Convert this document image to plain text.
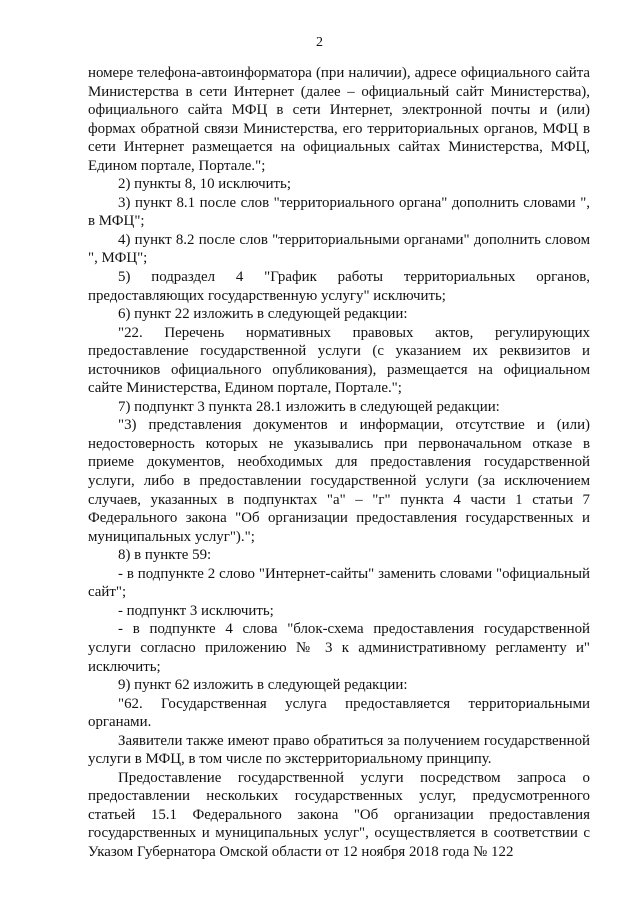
2

номере телефона-автоинформатора (при наличии), адресе официального сайта Министерства в сети Интернет (далее – официальный сайт Министерства), официального сайта МФЦ в сети Интернет, электронной почты и (или) формах обратной связи Министерства, его территориальных органов, МФЦ в сети Интернет размещается на официальных сайтах Министерства, МФЦ, Едином портале, Портале.";

2) пункты 8, 10 исключить;

3) пункт 8.1 после слов "территориального органа" дополнить словами ", в МФЦ";

4) пункт 8.2 после слов "территориальными органами" дополнить словом ", МФЦ";

5) подраздел 4 "График работы территориальных органов, предоставляющих государственную услугу" исключить;

6) пункт 22 изложить в следующей редакции:

"22. Перечень нормативных правовых актов, регулирующих предоставление государственной услуги (с указанием их реквизитов и источников официального опубликования), размещается на официальном сайте Министерства, Едином портале, Портале.";

7) подпункт 3 пункта 28.1 изложить в следующей редакции:

"3) представления документов и информации, отсутствие и (или) недостоверность которых не указывались при первоначальном отказе в приеме документов, необходимых для предоставления государственной услуги, либо в предоставлении государственной услуги (за исключением случаев, указанных в подпунктах "а" – "г" пункта 4 части 1 статьи 7 Федерального закона "Об организации предоставления государственных и муниципальных услуг").";

8) в пункте 59:

- в подпункте 2 слово "Интернет-сайты" заменить словами "официальный сайт";

- подпункт 3 исключить;

- в подпункте 4 слова "блок-схема предоставления государственной услуги согласно приложению № 3 к административному регламенту и" исключить;

9) пункт 62 изложить в следующей редакции:

"62. Государственная услуга предоставляется территориальными органами.

Заявители также имеют право обратиться за получением государственной услуги в МФЦ, в том числе по экстерриториальному принципу.

Предоставление государственной услуги посредством запроса о предоставлении нескольких государственных услуг, предусмотренного статьей 15.1 Федерального закона "Об организации предоставления государственных и муниципальных услуг", осуществляется в соответствии с Указом Губернатора Омской области от 12 ноября 2018 года № 122
